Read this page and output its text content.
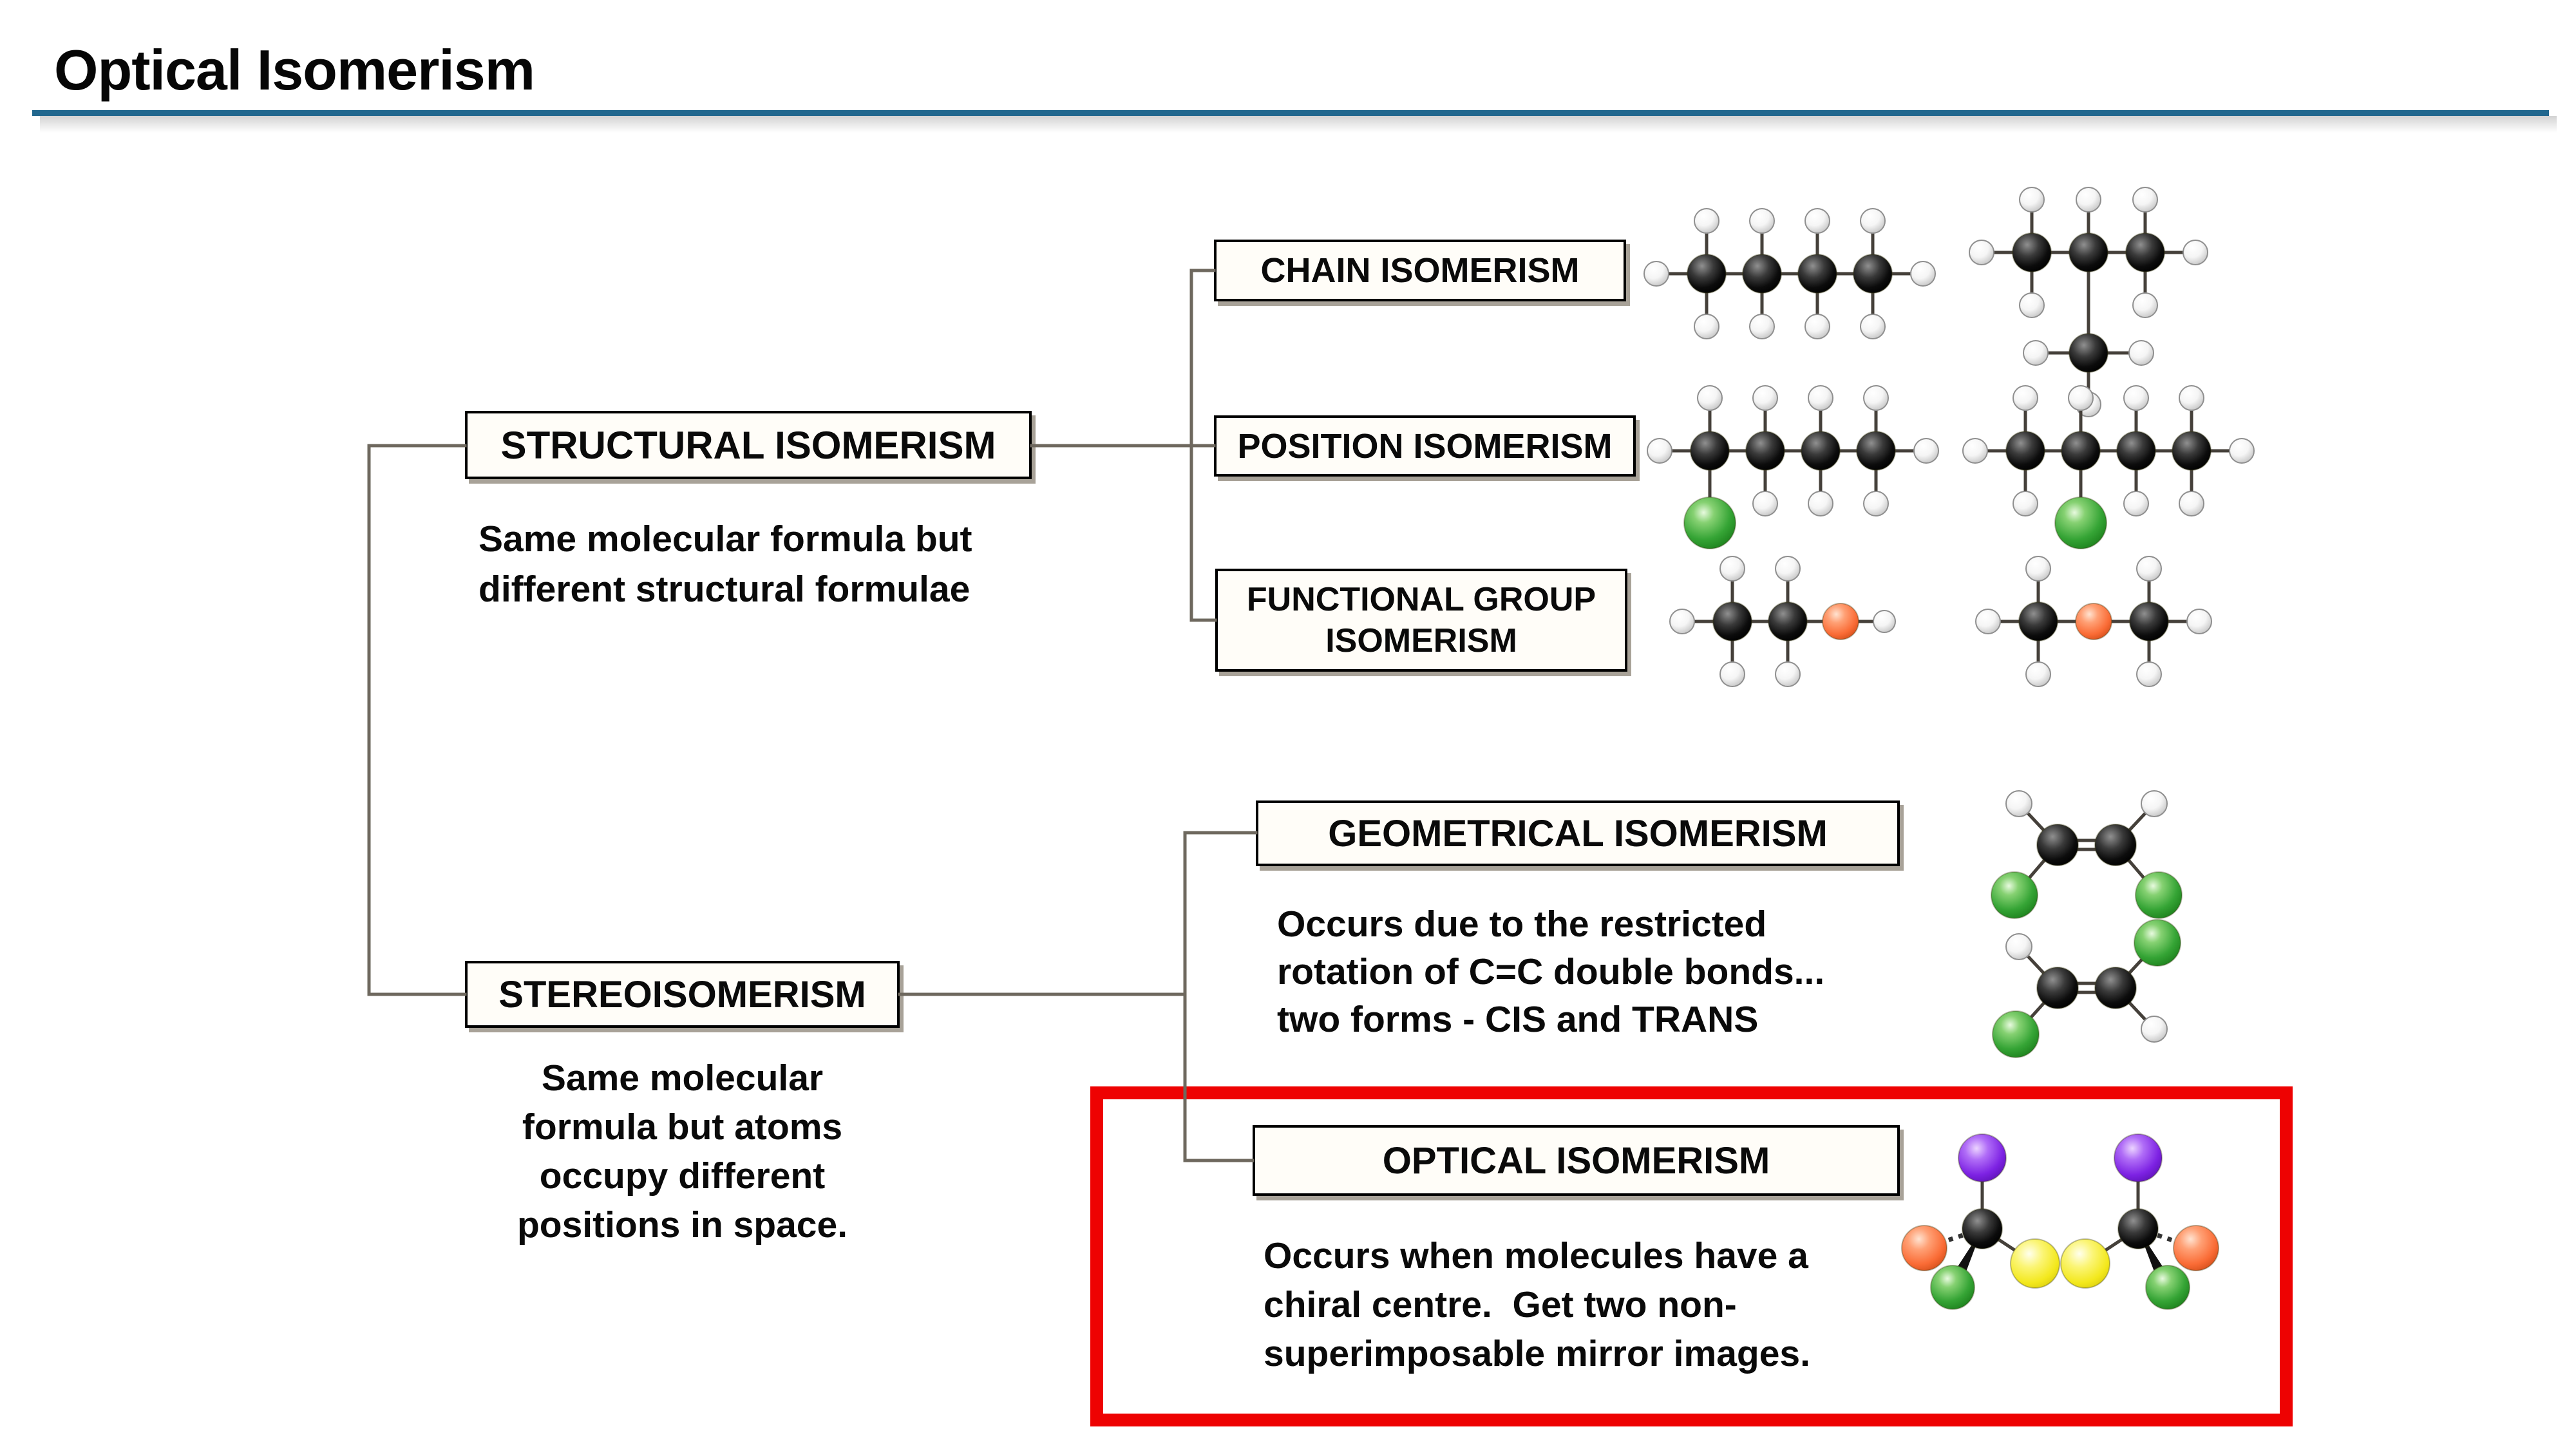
Optical Isomerism
STRUCTURAL ISOMERISM
CHAIN ISOMERISM
POSITION ISOMERISM
FUNCTIONAL GROUP ISOMERISM
GEOMETRICAL ISOMERISM
STEREOISOMERISM
OPTICAL ISOMERISM
Same molecular formula but
different structural formulae
Occurs due to the restricted
rotation of C=C double bonds...
two forms - CIS and TRANS
Same molecular
formula but atoms
occupy different
positions in space.
Occurs when molecules have a
chiral centre.  Get two non-
superimposable mirror images.
